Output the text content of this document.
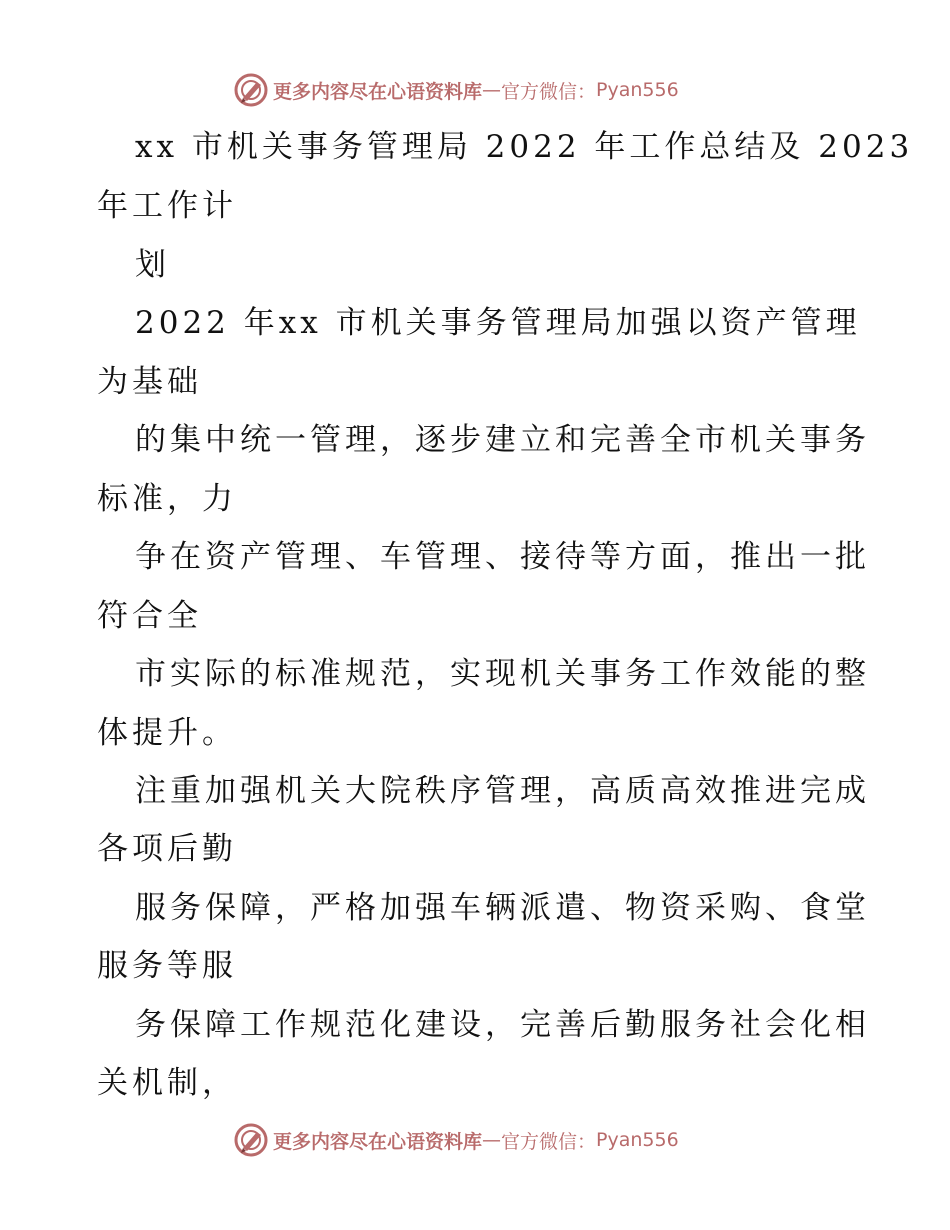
更多内容尽在心语资料库 — 官方微信： Pyan556
xx 市机关事务管理局 2022 年工作总结及 2023
年工作计
划
2022 年xx 市机关事务管理局加强以资产管理
为基础
的集中统一管理，逐步建立和完善全市机关事务
标准，力
争在资产管理、车管理、接待等方面，推出一批
符合全
市实际的标准规范，实现机关事务工作效能的整
体提升。
注重加强机关大院秩序管理，高质高效推进完成
各项后勤
服务保障，严格加强车辆派遣、物资采购、食堂
服务等服
务保障工作规范化建设，完善后勤服务社会化相
关机制，
更多内容尽在心语资料库 — 官方微信： Pyan556
